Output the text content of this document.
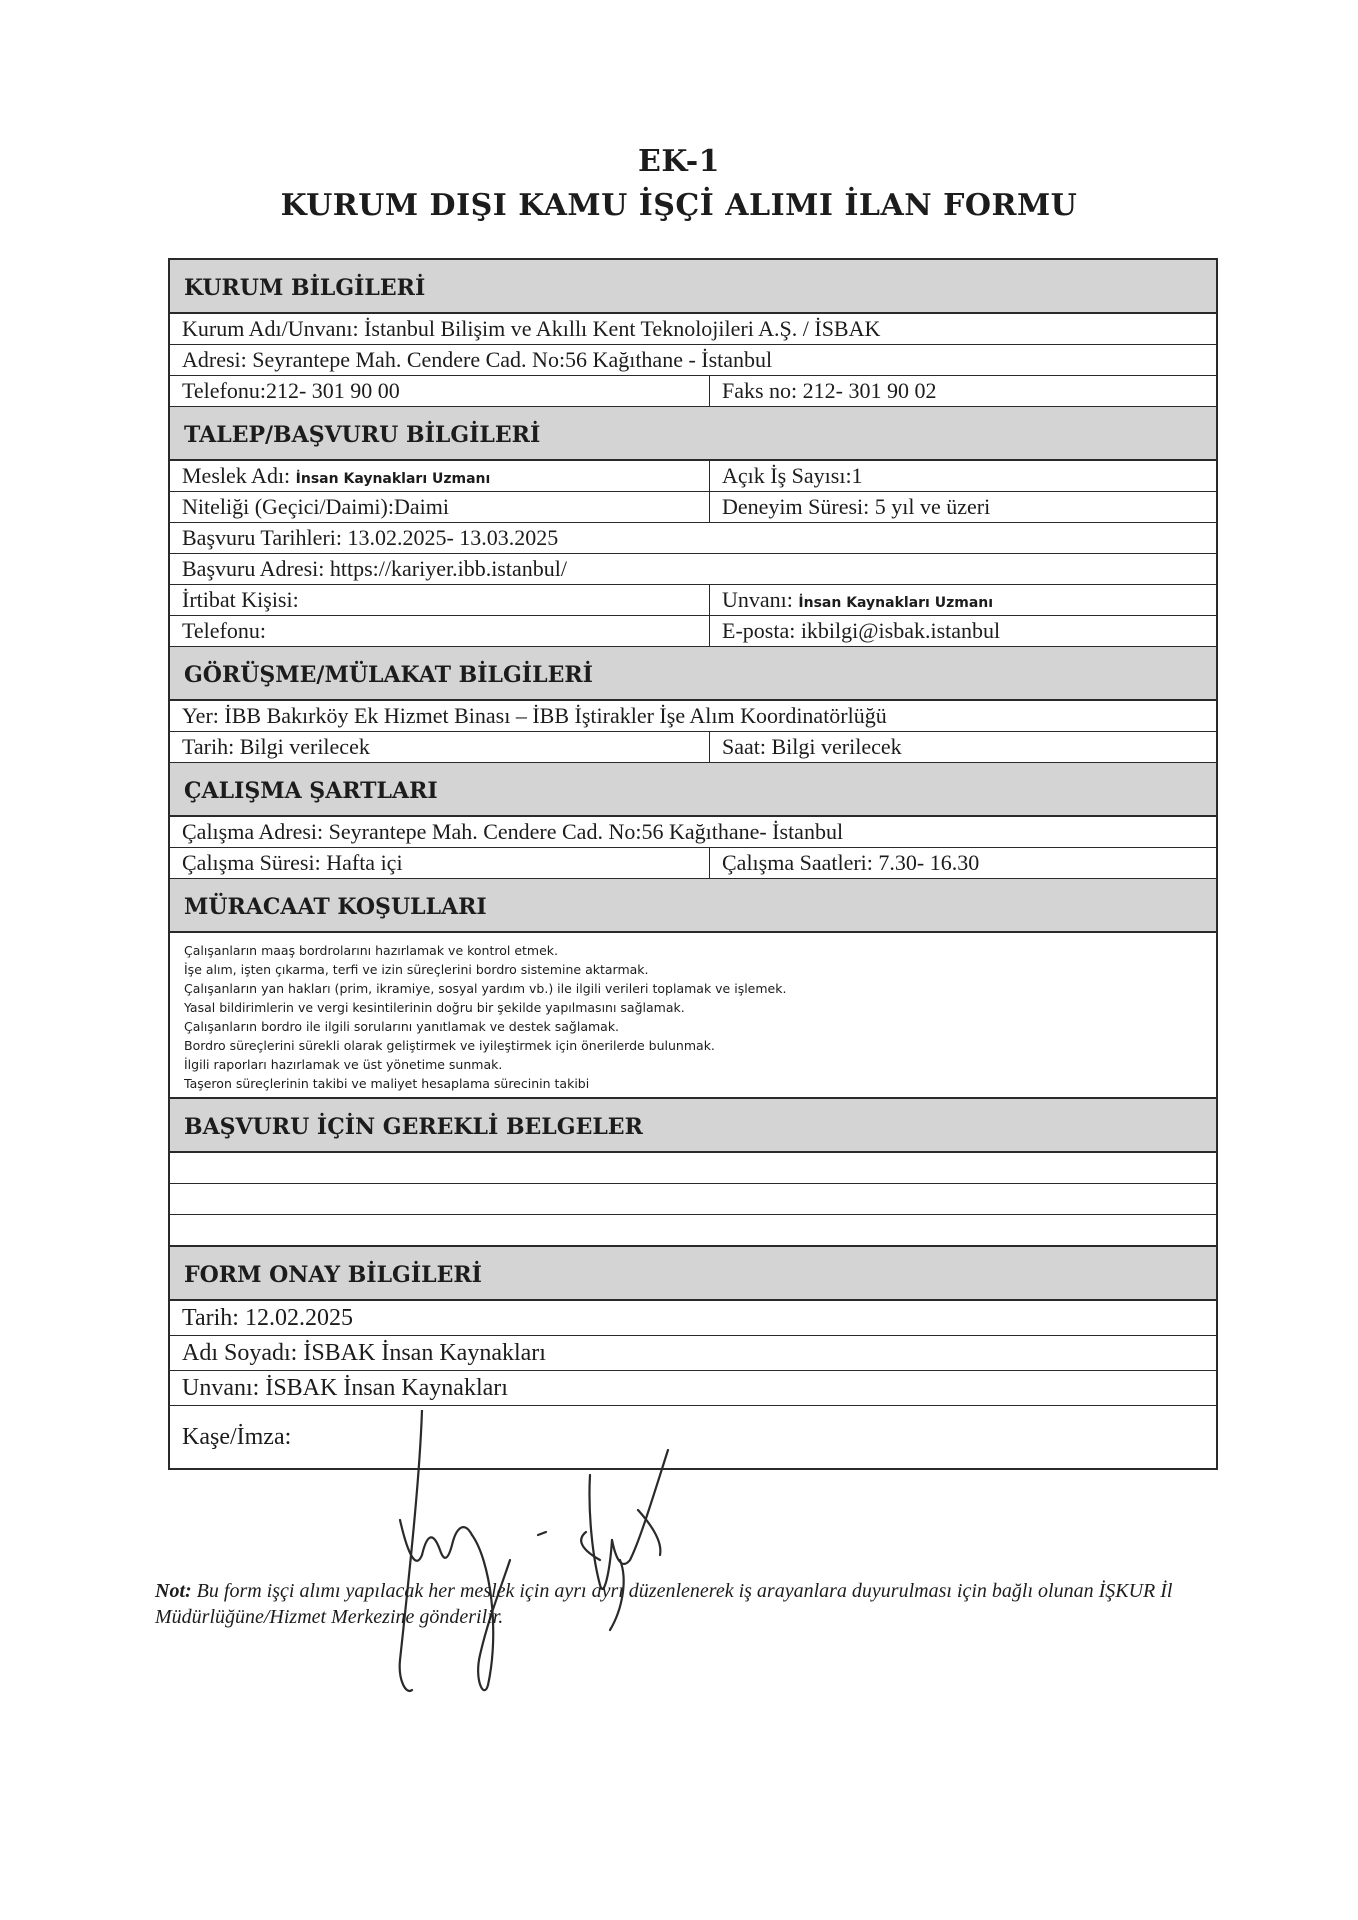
EK-1
KURUM DIŞI KAMU İŞÇİ ALIMI İLAN FORMU
KURUM BİLGİLERİ
Kurum Adı/Unvanı: İstanbul Bilişim ve Akıllı Kent Teknolojileri A.Ş. / İSBAK
Adresi: Seyrantepe Mah. Cendere Cad. No:56 Kağıthane - İstanbul
Telefonu:212- 301 90 00	Faks no: 212- 301 90 02
TALEP/BAŞVURU BİLGİLERİ
Meslek Adı: İnsan Kaynakları Uzmanı	Açık İş Sayısı:1
Niteliği (Geçici/Daimi):Daimi	Deneyim Süresi: 5 yıl ve üzeri
Başvuru Tarihleri: 13.02.2025- 13.03.2025
Başvuru Adresi: https://kariyer.ibb.istanbul/
İrtibat Kişisi:	Unvanı: İnsan Kaynakları Uzmanı
Telefonu:	E-posta: ikbilgi@isbak.istanbul
GÖRÜŞME/MÜLAKAT BİLGİLERİ
Yer: İBB Bakırköy Ek Hizmet Binası – İBB İştirakler İşe Alım Koordinatörlüğü
Tarih: Bilgi verilecek	Saat: Bilgi verilecek
ÇALIŞMA ŞARTLARI
Çalışma Adresi: Seyrantepe Mah. Cendere Cad. No:56 Kağıthane- İstanbul
Çalışma Süresi: Hafta içi	Çalışma Saatleri: 7.30- 16.30
MÜRACAAT KOŞULLARI
Çalışanların maaş bordrolarını hazırlamak ve kontrol etmek.
İşe alım, işten çıkarma, terfi ve izin süreçlerini bordro sistemine aktarmak.
Çalışanların yan hakları (prim, ikramiye, sosyal yardım vb.) ile ilgili verileri toplamak ve işlemek.
Yasal bildirimlerin ve vergi kesintilerinin doğru bir şekilde yapılmasını sağlamak.
Çalışanların bordro ile ilgili sorularını yanıtlamak ve destek sağlamak.
Bordro süreçlerini sürekli olarak geliştirmek ve iyileştirmek için önerilerde bulunmak.
İlgili raporları hazırlamak ve üst yönetime sunmak.
Taşeron süreçlerinin takibi ve maliyet hesaplama sürecinin takibi
BAŞVURU İÇİN GEREKLİ BELGELER
FORM ONAY BİLGİLERİ
Tarih: 12.02.2025
Adı Soyadı: İSBAK İnsan Kaynakları
Unvanı: İSBAK İnsan Kaynakları
Kaşe/İmza:
Not: Bu form işçi alımı yapılacak her meslek için ayrı ayrı düzenlenerek iş arayanlara duyurulması için bağlı olunan İŞKUR İl Müdürlüğüne/Hizmet Merkezine gönderilir.
